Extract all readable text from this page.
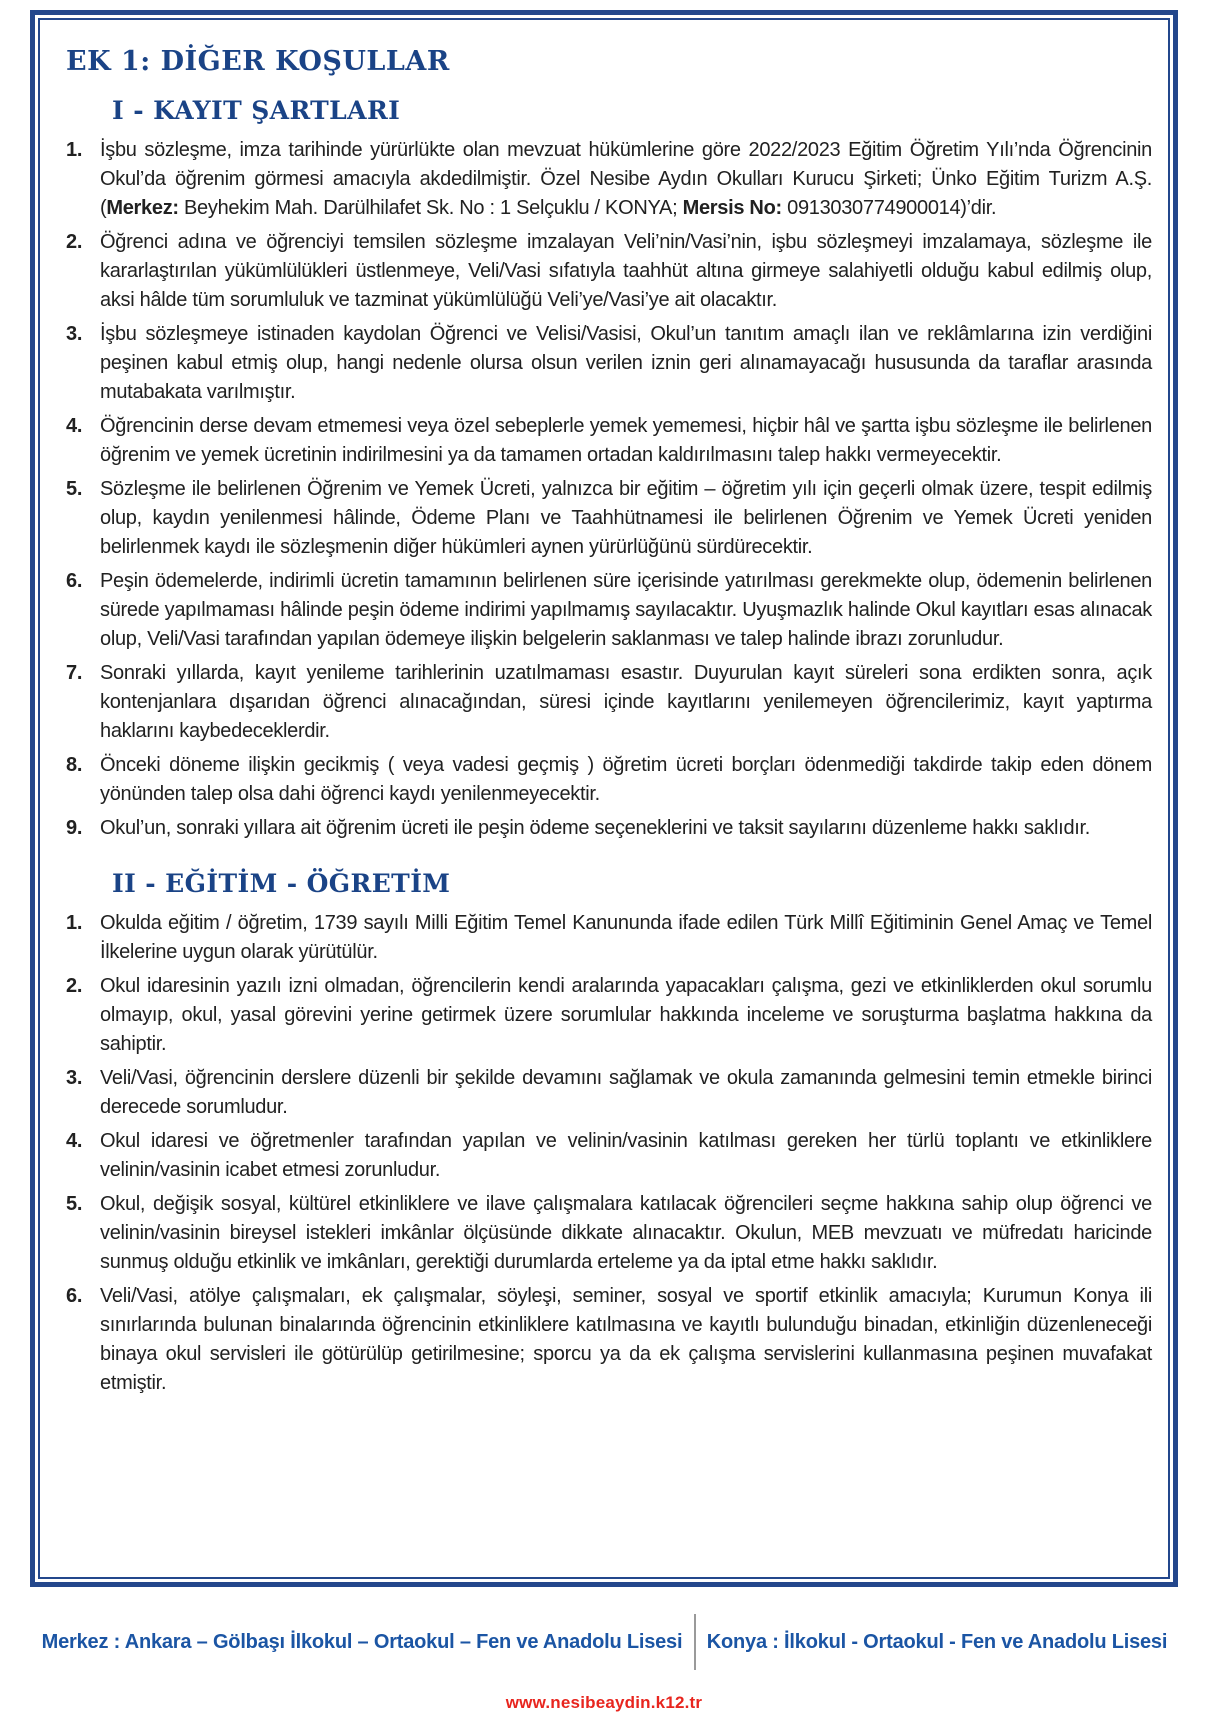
EK 1: DİĞER KOŞULLAR
I - KAYIT ŞARTLARI
1. İşbu sözleşme, imza tarihinde yürürlükte olan mevzuat hükümlerine göre 2022/2023 Eğitim Öğretim Yılı’nda Öğrencinin Okul’da öğrenim görmesi amacıyla akdedilmiştir. Özel Nesibe Aydın Okulları Kurucu Şirketi; Ünko Eğitim Turizm A.Ş. (Merkez: Beyhekim Mah. Darülhilafet Sk. No : 1 Selçuklu / KONYA; Mersis No: 0913030774900014)’dir.
2. Öğrenci adına ve öğrenciyi temsilen sözleşme imzalayan Veli’nin/Vasi’nin, işbu sözleşmeyi imzalamaya, sözleşme ile kararlaştırılan yükümlülükleri üstlenmeye, Veli/Vasi sıfatıyla taahhüt altına girmeye salahiyetli olduğu kabul edilmiş olup, aksi hâlde tüm sorumluluk ve tazminat yükümlülüğü Veli’ye/Vasi’ye ait olacaktır.
3. İşbu sözleşmeye istinaden kaydolan Öğrenci ve Velisi/Vasisi, Okul’un tanıtım amaçlı ilan ve reklâmlarına izin verdiğini peşinen kabul etmiş olup, hangi nedenle olursa olsun verilen iznin geri alınamayacağı hususunda da taraflar arasında mutabakata varılmıştır.
4. Öğrencinin derse devam etmemesi veya özel sebeplerle yemek yememesi, hiçbir hâl ve şartta işbu sözleşme ile belirlenen öğrenim ve yemek ücretinin indirilmesini ya da tamamen ortadan kaldırılmasını talep hakkı vermeyecektir.
5. Sözleşme ile belirlenen Öğrenim ve Yemek Ücreti, yalnızca bir eğitim – öğretim yılı için geçerli olmak üzere, tespit edilmiş olup, kaydın yenilenmesi hâlinde, Ödeme Planı ve Taahhütnamesi ile belirlenen Öğrenim ve Yemek Ücreti yeniden belirlenmek kaydı ile sözleşmenin diğer hükümleri aynen yürürlüğünü sürdürecektir.
6. Peşin ödemelerde, indirimli ücretin tamamının belirlenen süre içerisinde yatırılması gerekmekte olup, ödemenin belirlenen sürede yapılmaması hâlinde peşin ödeme indirimi yapılmamış sayılacaktır. Uyuşmazlık halinde Okul kayıtları esas alınacak olup, Veli/Vasi tarafından yapılan ödemeye ilişkin belgelerin saklanması ve talep halinde ibrazı zorunludur.
7. Sonraki yıllarda, kayıt yenileme tarihlerinin uzatılmaması esastır. Duyurulan kayıt süreleri sona erdikten sonra, açık kontenjanlara dışarıdan öğrenci alınacağından, süresi içinde kayıtlarını yenilemeyen öğrencilerimiz, kayıt yaptırma haklarını kaybedeceklerdir.
8. Önceki döneme ilişkin gecikmiş ( veya vadesi geçmiş ) öğretim ücreti borçları ödenmediği takdirde takip eden dönem yönünden talep olsa dahi öğrenci kaydı yenilenmeyecektir.
9. Okul’un, sonraki yıllara ait öğrenim ücreti ile peşin ödeme seçeneklerini ve taksit sayılarını düzenleme hakkı saklıdır.
II - EĞİTİM - ÖĞRETİM
1. Okulda eğitim / öğretim, 1739 sayılı Milli Eğitim Temel Kanununda ifade edilen Türk Millî Eğitiminin Genel Amaç ve Temel İlkelerine uygun olarak yürütülür.
2. Okul idaresinin yazılı izni olmadan, öğrencilerin kendi aralarında yapacakları çalışma, gezi ve etkinliklerden okul sorumlu olmayıp, okul, yasal görevini yerine getirmek üzere sorumlular hakkında inceleme ve soruşturma başlatma hakkına da sahiptir.
3. Veli/Vasi, öğrencinin derslere düzenli bir şekilde devamını sağlamak ve okula zamanında gelmesini temin etmekle birinci derecede sorumludur.
4. Okul idaresi ve öğretmenler tarafından yapılan ve velinin/vasinin katılması gereken her türlü toplantı ve etkinliklere velinin/vasinin icabet etmesi zorunludur.
5. Okul, değişik sosyal, kültürel etkinliklere ve ilave çalışmalara katılacak öğrencileri seçme hakkına sahip olup öğrenci ve velinin/vasinin bireysel istekleri imkânlar ölçüsünde dikkate alınacaktır. Okulun, MEB mevzuatı ve müfredatı haricinde sunmuş olduğu etkinlik ve imkânları, gerektiği durumlarda erteleme ya da iptal etme hakkı saklıdır.
6. Veli/Vasi, atölye çalışmaları, ek çalışmalar, söyleşi, seminer, sosyal ve sportif etkinlik amacıyla; Kurumun Konya ili sınırlarında bulunan binalarında öğrencinin etkinliklere katılmasına ve kayıtlı bulunduğu binadan, etkinliğin düzenleneceği binaya okul servisleri ile götürülüp getirilmesine; sporcu ya da ek çalışma servislerini kullanmasına peşinen muvafakat etmiştir.
Merkez : Ankara – Gölbaşı İlkokul – Ortaokul – Fen ve Anadolu Lisesi	Konya : İlkokul - Ortaokul - Fen ve Anadolu Lisesi
www.nesibeaydin.k12.tr
